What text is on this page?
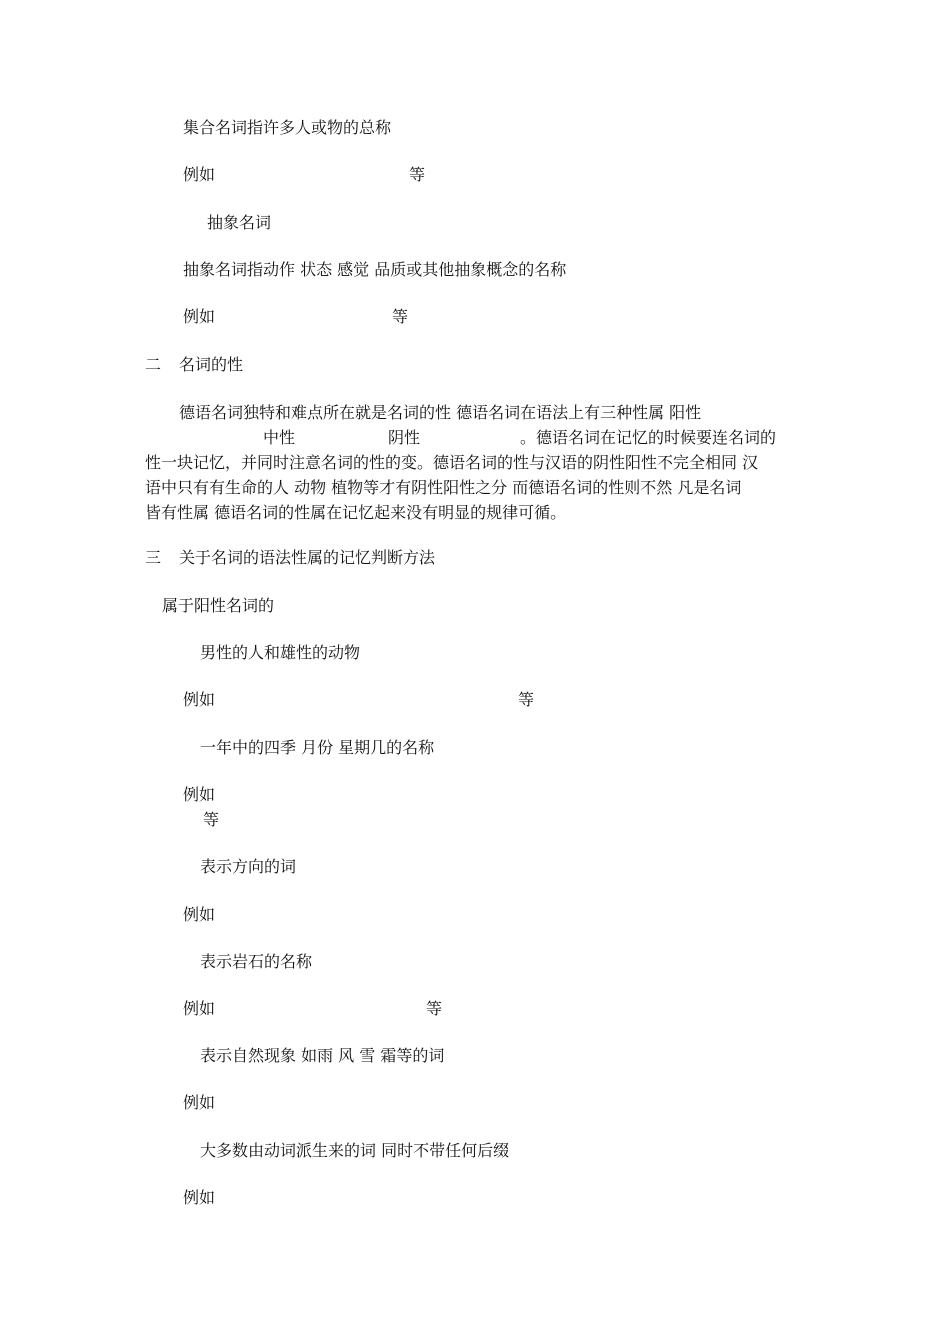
集合名词指许多人或物的总称
例如	等
抽象名词
抽象名词指动作 状态 感觉 品质或其他抽象概念的名称
例如	等
二 名词的性
德语名词独特和难点所在就是名词的性 德语名词在语法上有三种性属 阳性
中性	阴性	。德语名词在记忆的时候要连名词的
性一块记忆，并同时注意名词的性的变。德语名词的性与汉语的阴性阳性不完全相同 汉
语中只有有生命的人 动物 植物等才有阴性阳性之分 而德语名词的性则不然 凡是名词
皆有性属 德语名词的性属在记忆起来没有明显的规律可循。
三 关于名词的语法性属的记忆判断方法
属于阳性名词的
男性的人和雄性的动物
例如	等
一年中的四季 月份 星期几的名称
例如
等
表示方向的词
例如
表示岩石的名称
例如	等
表示自然现象 如雨 风 雪 霜等的词
例如
大多数由动词派生来的词 同时不带任何后缀
例如
